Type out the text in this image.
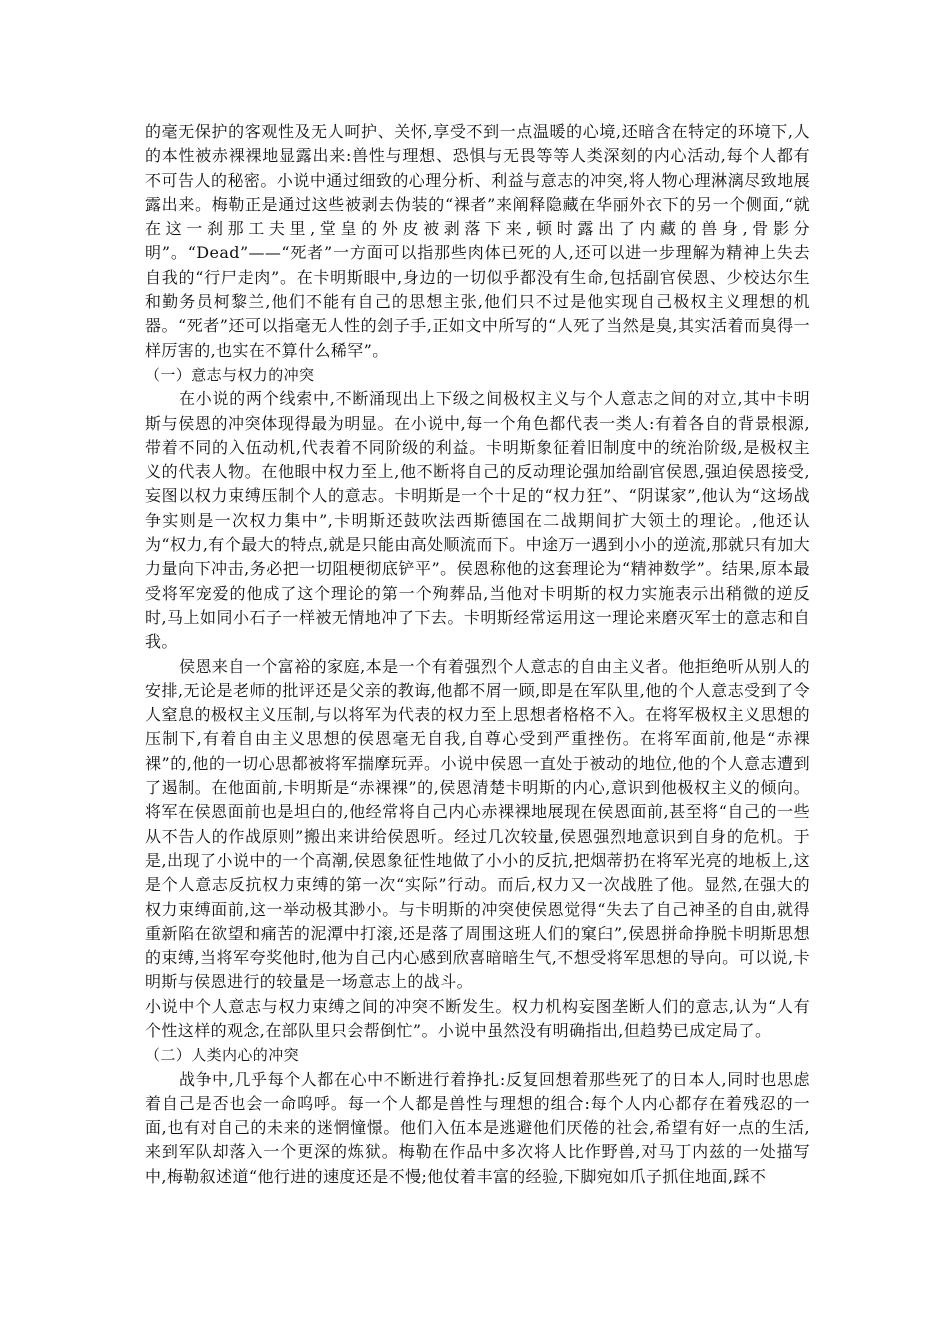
的毫无保护的客观性及无人呵护、关怀,享受不到一点温暖的心境,还暗含在特定的环境下,人的本性被赤裸裸地显露出来:兽性与理想、恐惧与无畏等等人类深刻的内心活动,每个人都有不可告人的秘密。小说中通过细致的心理分析、利益与意志的冲突,将人物心理淋漓尽致地展露出来。梅勒正是通过这些被剥去伪装的“裸者”来阐释隐藏在华丽外衣下的另一个侧面,“就在这一刹那工夫里,堂皇的外皮被剥落下来,顿时露出了内藏的兽身,骨影分明”。“Dead”——“死者”一方面可以指那些肉体已死的人,还可以进一步理解为精神上失去自我的“行尸走肉”。在卡明斯眼中,身边的一切似乎都没有生命,包括副官侯恩、少校达尔生和勤务员柯黎兰,他们不能有自己的思想主张,他们只不过是他实现自己极权主义理想的机器。“死者”还可以指毫无人性的刽子手,正如文中所写的“人死了当然是臭,其实活着而臭得一样厉害的,也实在不算什么稀罕”。

（一）意志与权力的冲突

在小说的两个线索中,不断涌现出上下级之间极权主义与个人意志之间的对立,其中卡明斯与侯恩的冲突体现得最为明显。在小说中,每一个角色都代表一类人:有着各自的背景根源,带着不同的入伍动机,代表着不同阶级的利益。卡明斯象征着旧制度中的统治阶级,是极权主义的代表人物。在他眼中权力至上,他不断将自己的反动理论强加给副官侯恩,强迫侯恩接受,妄图以权力束缚压制个人的意志。卡明斯是一个十足的“权力狂”、“阴谋家”,他认为“这场战争实则是一次权力集中”,卡明斯还鼓吹法西斯德国在二战期间扩大领土的理论。,他还认为“权力,有个最大的特点,就是只能由高处顺流而下。中途万一遇到小小的逆流,那就只有加大力量向下冲击,务必把一切阻梗彻底铲平”。侯恩称他的这套理论为“精神数学”。结果,原本最受将军宠爱的他成了这个理论的第一个殉葬品,当他对卡明斯的权力实施表示出稍微的逆反时,马上如同小石子一样被无情地冲了下去。卡明斯经常运用这一理论来磨灭军士的意志和自我。

侯恩来自一个富裕的家庭,本是一个有着强烈个人意志的自由主义者。他拒绝听从别人的安排,无论是老师的批评还是父亲的教诲,他都不屑一顾,即是在军队里,他的个人意志受到了令人窒息的极权主义压制,与以将军为代表的权力至上思想者格格不入。在将军极权主义思想的压制下,有着自由主义思想的侯恩毫无自我,自尊心受到严重挫伤。在将军面前,他是“赤裸裸”的,他的一切心思都被将军揣摩玩弄。小说中侯恩一直处于被动的地位,他的个人意志遭到了遏制。在他面前,卡明斯是“赤裸裸”的,侯恩清楚卡明斯的内心,意识到他极权主义的倾向。将军在侯恩面前也是坦白的,他经常将自己内心赤裸裸地展现在侯恩面前,甚至将“自己的一些从不告人的作战原则”搬出来讲给侯恩听。经过几次较量,侯恩强烈地意识到自身的危机。于是,出现了小说中的一个高潮,侯恩象征性地做了小小的反抗,把烟蒂扔在将军光亮的地板上,这是个人意志反抗权力束缚的第一次“实际”行动。而后,权力又一次战胜了他。显然,在强大的权力束缚面前,这一举动极其渺小。与卡明斯的冲突使侯恩觉得“失去了自己神圣的自由,就得重新陷在欲望和痛苦的泥潭中打滚,还是落了周围这班人们的窠臼”,侯恩拼命挣脱卡明斯思想的束缚,当将军夸奖他时,他为自己内心感到欣喜暗暗生气,不想受将军思想的导向。可以说,卡明斯与侯恩进行的较量是一场意志上的战斗。

小说中个人意志与权力束缚之间的冲突不断发生。权力机构妄图垄断人们的意志,认为“人有个性这样的观念,在部队里只会帮倒忙”。小说中虽然没有明确指出,但趋势已成定局了。

（二）人类内心的冲突

战争中,几乎每个人都在心中不断进行着挣扎:反复回想着那些死了的日本人,同时也思虑着自己是否也会一命呜呼。每一个人都是兽性与理想的组合:每个人内心都存在着残忍的一面,也有对自己的未来的迷惘憧憬。他们入伍本是逃避他们厌倦的社会,希望有好一点的生活,来到军队却落入一个更深的炼狱。梅勒在作品中多次将人比作野兽,对马丁内兹的一处描写中,梅勒叙述道“他行进的速度还是不慢;他仗着丰富的经验,下脚宛如爪子抓住地面,踩不
